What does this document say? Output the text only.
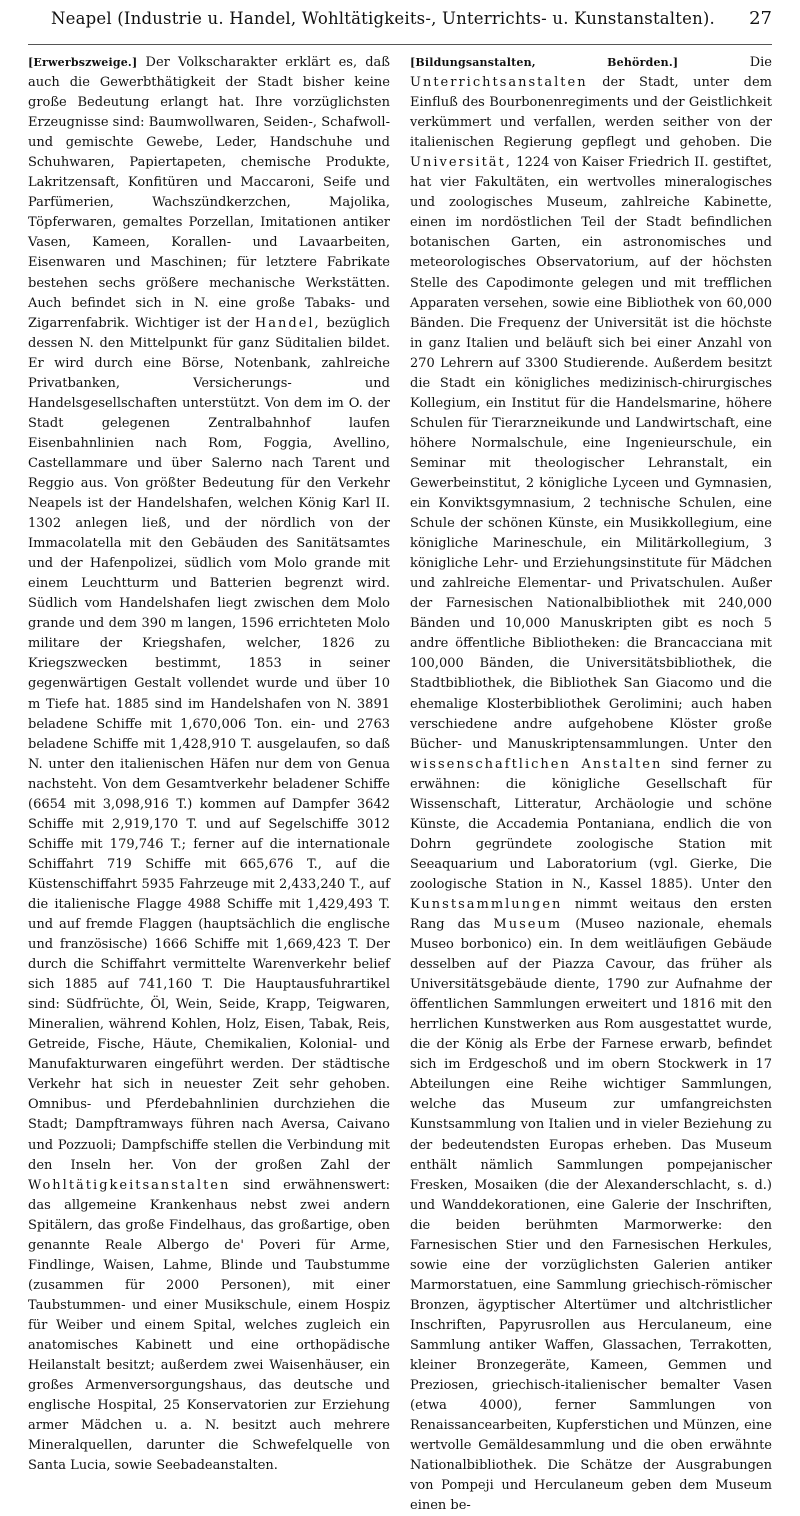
Neapel (Industrie u. Handel, Wohltätigkeits-, Unterrichts- u. Kunstanstalten).	27

[Erwerbszweige.] Der Volkscharakter erklärt es, daß auch die Gewerbthätigkeit der Stadt bisher keine große Bedeutung erlangt hat. Ihre vorzüglichsten Erzeugnisse sind: Baumwollwaren, Seiden-, Schafwoll- und gemischte Gewebe, Leder, Handschuhe und Schuhwaren, Papiertapeten, chemische Produkte, Lakritzensaft, Konfitüren und Maccaroni, Seife und Parfümerien, Wachszündkerzchen, Majolika, Töpferwaren, gemaltes Porzellan, Imitationen antiker Vasen, Kameen, Korallen- und Lavaarbeiten, Eisenwaren und Maschinen; für letztere Fabrikate bestehen sechs größere mechanische Werkstätten. Auch befindet sich in N. eine große Tabaks- und Zigarrenfabrik. Wichtiger ist der Handel, bezüglich dessen N. den Mittelpunkt für ganz Süditalien bildet. Er wird durch eine Börse, Notenbank, zahlreiche Privatbanken, Versicherungs- und Handelsgesellschaften unterstützt. Von dem im O. der Stadt gelegenen Zentralbahnhof laufen Eisenbahnlinien nach Rom, Foggia, Avellino, Castellammare und über Salerno nach Tarent und Reggio aus. Von größter Bedeutung für den Verkehr Neapels ist der Handelshafen, welchen König Karl II. 1302 anlegen ließ, und der nördlich von der Immacolatella mit den Gebäuden des Sanitätsamtes und der Hafenpolizei, südlich vom Molo grande mit einem Leuchtturm und Batterien begrenzt wird. Südlich vom Handelshafen liegt zwischen dem Molo grande und dem 390 m langen, 1596 errichteten Molo militare der Kriegshafen, welcher, 1826 zu Kriegszwecken bestimmt, 1853 in seiner gegenwärtigen Gestalt vollendet wurde und über 10 m Tiefe hat. 1885 sind im Handelshafen von N. 3891 beladene Schiffe mit 1,670,006 Ton. ein- und 2763 beladene Schiffe mit 1,428,910 T. ausgelaufen, so daß N. unter den italienischen Häfen nur dem von Genua nachsteht. Von dem Gesamtverkehr beladener Schiffe (6654 mit 3,098,916 T.) kommen auf Dampfer 3642 Schiffe mit 2,919,170 T. und auf Segelschiffe 3012 Schiffe mit 179,746 T.; ferner auf die internationale Schiffahrt 719 Schiffe mit 665,676 T., auf die Küstenschiffahrt 5935 Fahrzeuge mit 2,433,240 T., auf die italienische Flagge 4988 Schiffe mit 1,429,493 T. und auf fremde Flaggen (hauptsächlich die englische und französische) 1666 Schiffe mit 1,669,423 T. Der durch die Schiffahrt vermittelte Warenverkehr belief sich 1885 auf 741,160 T. Die Hauptausfuhrartikel sind: Südfrüchte, Öl, Wein, Seide, Krapp, Teigwaren, Mineralien, während Kohlen, Holz, Eisen, Tabak, Reis, Getreide, Fische, Häute, Chemikalien, Kolonial- und Manufakturwaren eingeführt werden. Der städtische Verkehr hat sich in neuester Zeit sehr gehoben. Omnibus- und Pferdebahnlinien durchziehen die Stadt; Dampftramways führen nach Aversa, Caivano und Pozzuoli; Dampfschiffe stellen die Verbindung mit den Inseln her. Von der großen Zahl der Wohltätigkeitsanstalten sind erwähnenswert: das allgemeine Krankenhaus nebst zwei andern Spitälern, das große Findelhaus, das großartige, oben genannte Reale Albergo de' Poveri für Arme, Findlinge, Waisen, Lahme, Blinde und Taubstumme (zusammen für 2000 Personen), mit einer Taubstummen- und einer Musikschule, einem Hospiz für Weiber und einem Spital, welches zugleich ein anatomisches Kabinett und eine orthopädische Heilanstalt besitzt; außerdem zwei Waisenhäuser, ein großes Armenversorgungshaus, das deutsche und englische Hospital, 25 Konservatorien zur Erziehung armer Mädchen u. a. N. besitzt auch mehrere Mineralquellen, darunter die Schwefelquelle von Santa Lucia, sowie Seebadeanstalten.

[Bildungsanstalten, Behörden.]	Die Unterrichtsanstalten der Stadt, unter dem Einfluß des Bourbonenregiments und der Geistlichkeit verkümmert und verfallen, werden seither von der italienischen Regierung gepflegt und gehoben. Die Universität, 1224 von Kaiser Friedrich II. gestiftet, hat vier Fakultäten, ein wertvolles mineralogisches und zoologisches Museum, zahlreiche Kabinette, einen im nordöstlichen Teil der Stadt befindlichen botanischen Garten, ein astronomisches und meteorologisches Observatorium, auf der höchsten Stelle des Capodimonte gelegen und mit trefflichen Apparaten versehen, sowie eine Bibliothek von 60,000 Bänden. Die Frequenz der Universität ist die höchste in ganz Italien und beläuft sich bei einer Anzahl von 270 Lehrern auf 3300 Studierende. Außerdem besitzt die Stadt ein königliches medizinisch-chirurgisches Kollegium, ein Institut für die Handelsmarine, höhere Schulen für Tierarzneikunde und Landwirtschaft, eine höhere Normalschule, eine Ingenieurschule, ein Seminar mit theologischer Lehranstalt, ein Gewerbeinstitut, 2 königliche Lyceen und Gymnasien, ein Konviktsgymnasium, 2 technische Schulen, eine Schule der schönen Künste, ein Musikkollegium, eine königliche Marineschule, ein Militärkollegium, 3 königliche Lehr- und Erziehungsinstitute für Mädchen und zahlreiche Elementar- und Privatschulen. Außer der Farnesischen Nationalbibliothek mit 240,000 Bänden und 10,000 Manuskripten gibt es noch 5 andre öffentliche Bibliotheken: die Brancacciana mit 100,000 Bänden, die Universitätsbibliothek, die Stadtbibliothek, die Bibliothek San Giacomo und die ehemalige Klosterbibliothek Gerolimini; auch haben verschiedene andre aufgehobene Klöster große Bücher- und Manuskriptensammlungen. Unter den wissenschaftlichen Anstalten sind ferner zu erwähnen: die königliche Gesellschaft für Wissenschaft, Litteratur, Archäologie und schöne Künste, die Accademia Pontaniana, endlich die von Dohrn gegründete zoologische Station mit Seeaquarium und Laboratorium (vgl. Gierke, Die zoologische Station in N., Kassel 1885). Unter den Kunstsammlungen nimmt weitaus den ersten Rang das Museum (Museo nazionale, ehemals Museo borbonico) ein. In dem weitläufigen Gebäude desselben auf der Piazza Cavour, das früher als Universitätsgebäude diente, 1790 zur Aufnahme der öffentlichen Sammlungen erweitert und 1816 mit den herrlichen Kunstwerken aus Rom ausgestattet wurde, die der König als Erbe der Farnese erwarb, befindet sich im Erdgeschoß und im obern Stockwerk in 17 Abteilungen eine Reihe wichtiger Sammlungen, welche das Museum zur umfangreichsten Kunstsammlung von Italien und in vieler Beziehung zu der bedeutendsten Europas erheben. Das Museum enthält nämlich Sammlungen pompejanischer Fresken, Mosaiken (die der Alexanderschlacht, s. d.) und Wanddekorationen, eine Galerie der Inschriften, die beiden berühmten Marmorwerke: den Farnesischen Stier und den Farnesischen Herkules, sowie eine der vorzüglichsten Galerien antiker Marmorstatuen, eine Sammlung griechisch-römischer Bronzen, ägyptischer Altertümer und altchristlicher Inschriften, Papyrusrollen aus Herculaneum, eine Sammlung antiker Waffen, Glassachen, Terrakotten, kleiner Bronzegeräte, Kameen, Gemmen und Preziosen, griechisch-italienischer bemalter Vasen (etwa 4000), ferner Sammlungen von Renaissancearbeiten, Kupferstichen und Münzen, eine wertvolle Gemäldesammlung und die oben erwähnte Nationalbibliothek. Die Schätze der Ausgrabungen von Pompeji und Herculaneum geben dem Museum einen be-
